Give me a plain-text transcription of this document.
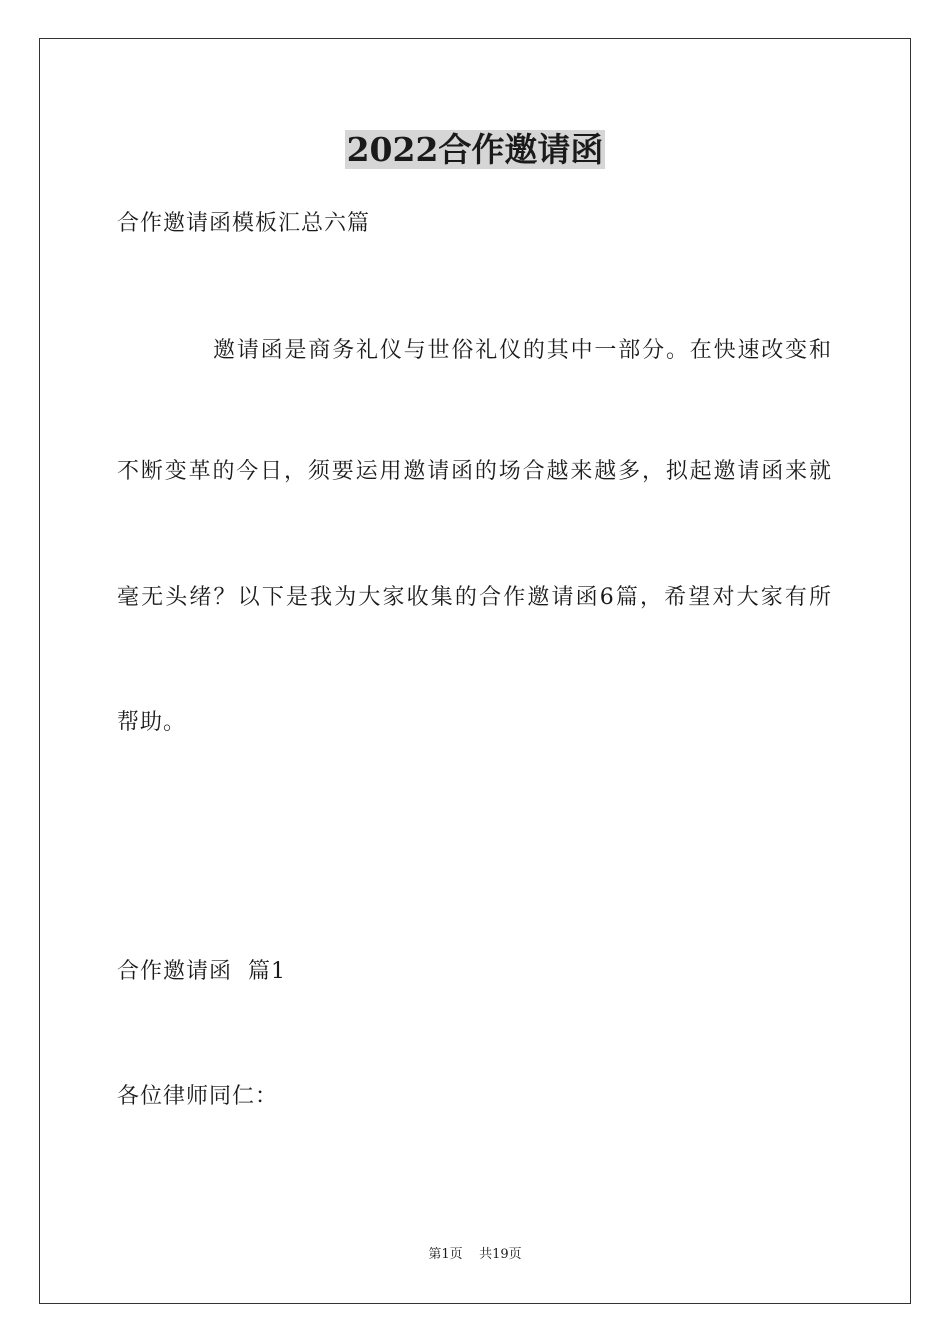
2022合作邀请函

合作邀请函模板汇总六篇

邀请函是商务礼仪与世俗礼仪的其中一部分。在快速改变和

不断变革的今日，须要运用邀请函的场合越来越多，拟起邀请函来就

毫无头绪？以下是我为大家收集的合作邀请函6篇，希望对大家有所

帮助。

合作邀请函  篇1

各位律师同仁：

第1页 共19页
